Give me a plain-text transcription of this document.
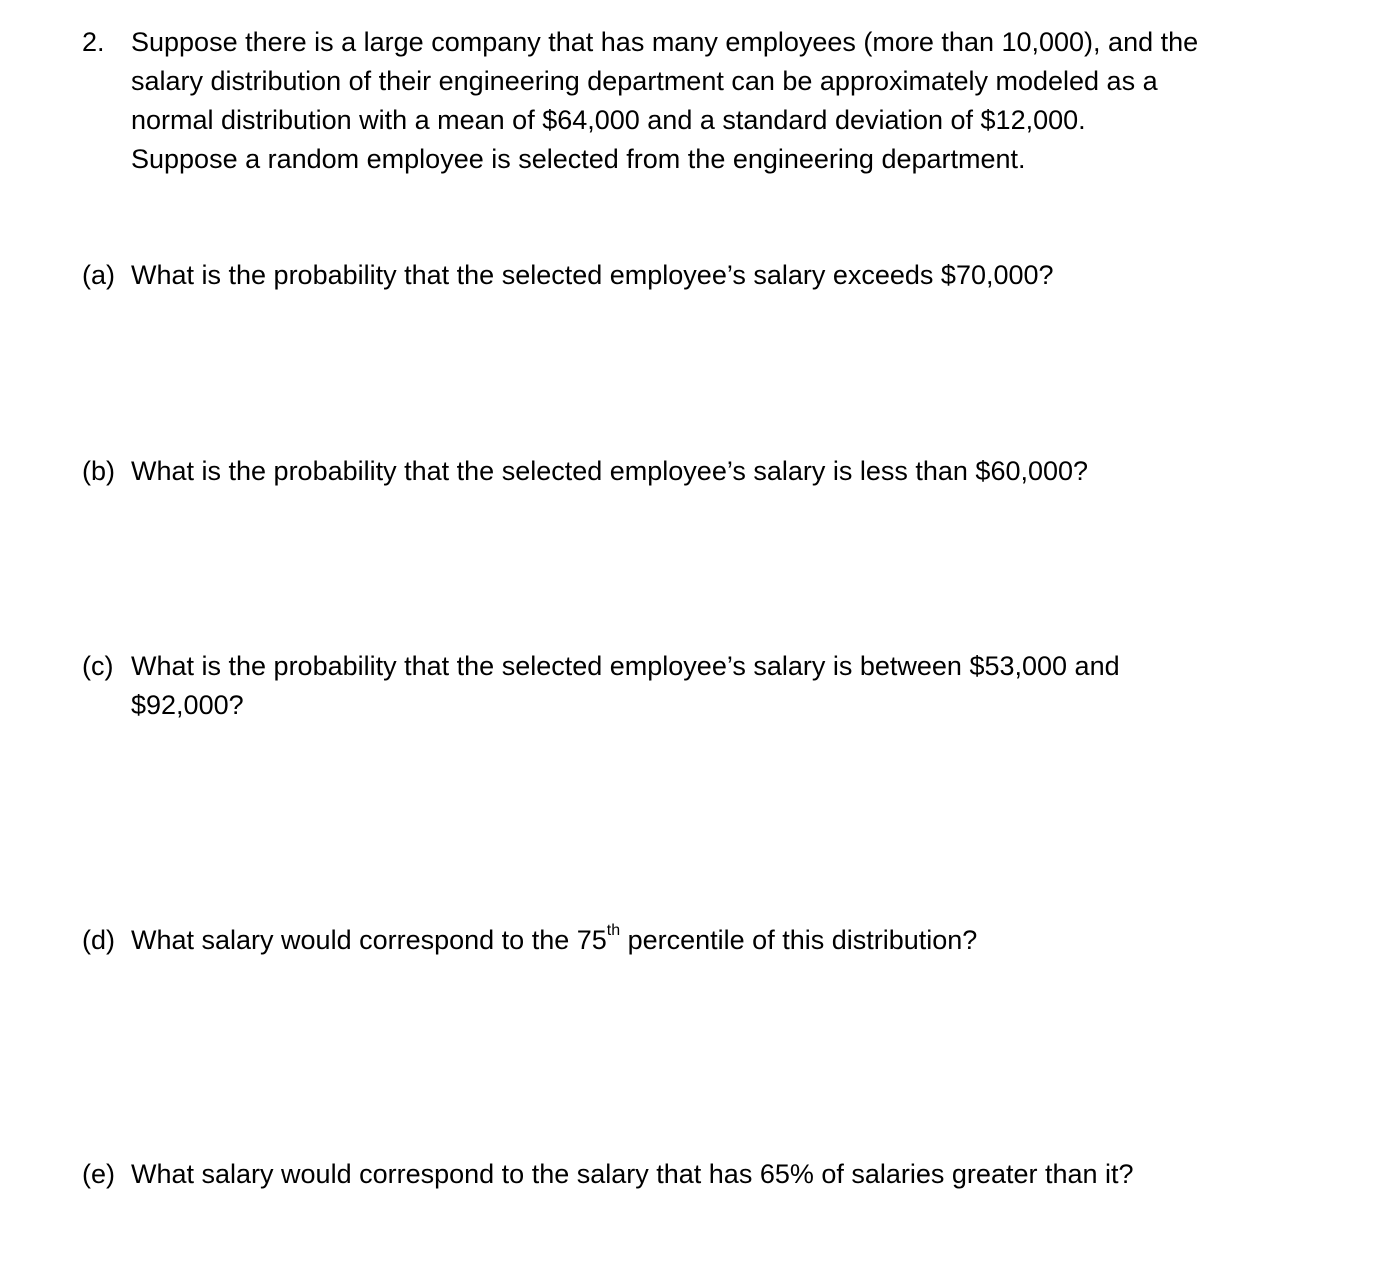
2. Suppose there is a large company that has many employees (more than 10,000), and the
salary distribution of their engineering department can be approximately modeled as a
normal distribution with a mean of $64,000 and a standard deviation of $12,000.
Suppose a random employee is selected from the engineering department.
(a) What is the probability that the selected employee’s salary exceeds $70,000?
(b) What is the probability that the selected employee’s salary is less than $60,000?
(c) What is the probability that the selected employee’s salary is between $53,000 and
$92,000?
(d) What salary would correspond to the 75th percentile of this distribution?
(e) What salary would correspond to the salary that has 65% of salaries greater than it?
